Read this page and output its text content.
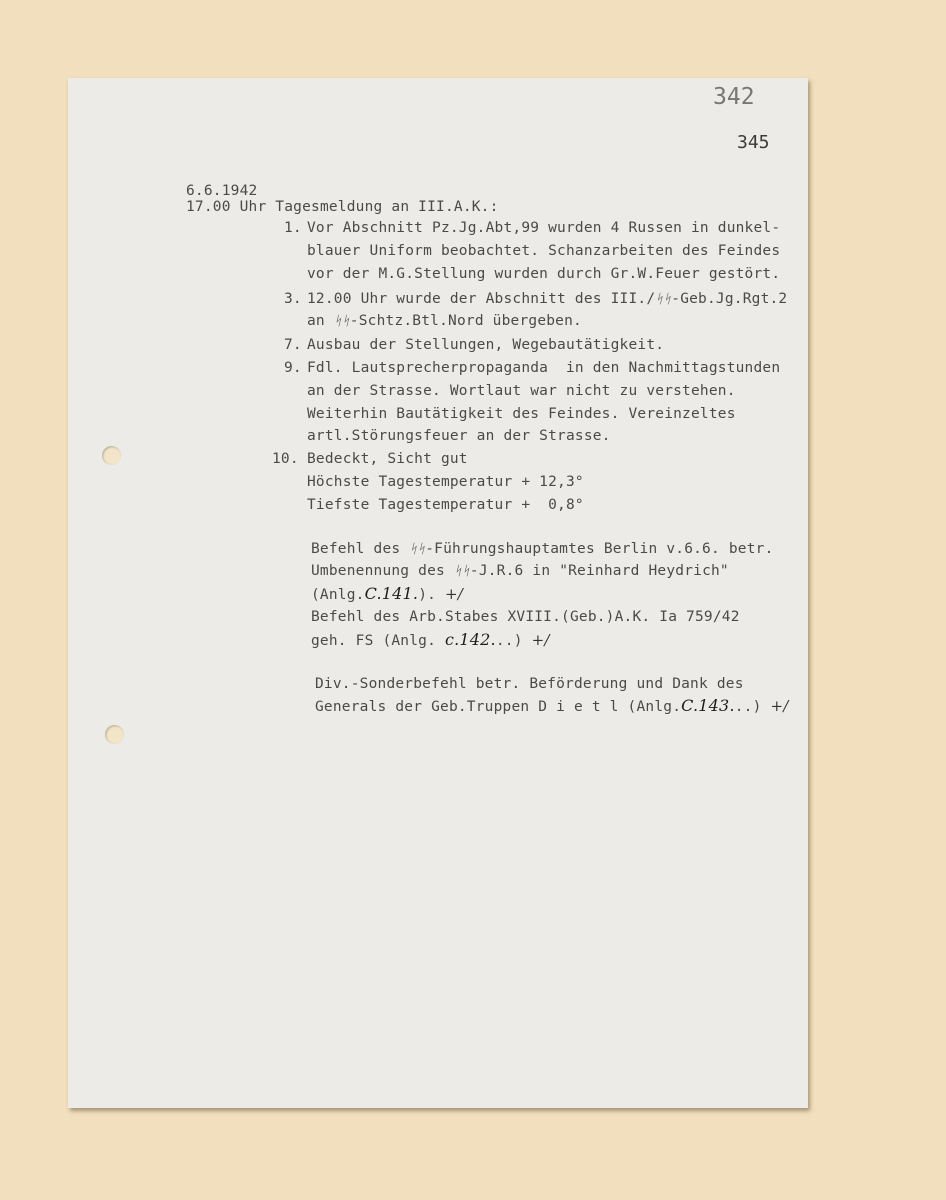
342
345
6.6.1942
17.00 Uhr Tagesmeldung an III.A.K.:
1. Vor Abschnitt Pz.Jg.Abt,99 wurden 4 Russen in dunkel-
blauer Uniform beobachtet. Schanzarbeiten des Feindes
vor der M.G.Stellung wurden durch Gr.W.Feuer gestört.
3. 12.00 Uhr wurde der Abschnitt des III./ᛋᛋ-Geb.Jg.Rgt.2
an ᛋᛋ-Schtz.Btl.Nord übergeben.
7. Ausbau der Stellungen, Wegebautätigkeit.
9. Fdl. Lautsprecherpropaganda  in den Nachmittagstunden
an der Strasse. Wortlaut war nicht zu verstehen.
Weiterhin Bautätigkeit des Feindes. Vereinzeltes
artl.Störungsfeuer an der Strasse.
10. Bedeckt, Sicht gut
Höchste Tagestemperatur + 12,3°
Tiefste Tagestemperatur +  0,8°
Befehl des ᛋᛋ-Führungshauptamtes Berlin v.6.6. betr.
Umbenennung des ᛋᛋ-J.R.6 in "Reinhard Heydrich"
(Anlg.C.141.). +/
Befehl des Arb.Stabes XVIII.(Geb.)A.K. Ia 759/42
geh. FS (Anlg. c.142...) +/
Div.-Sonderbefehl betr. Beförderung und Dank des
Generals der Geb.Truppen D i e t l (Anlg.C.143...) +/
